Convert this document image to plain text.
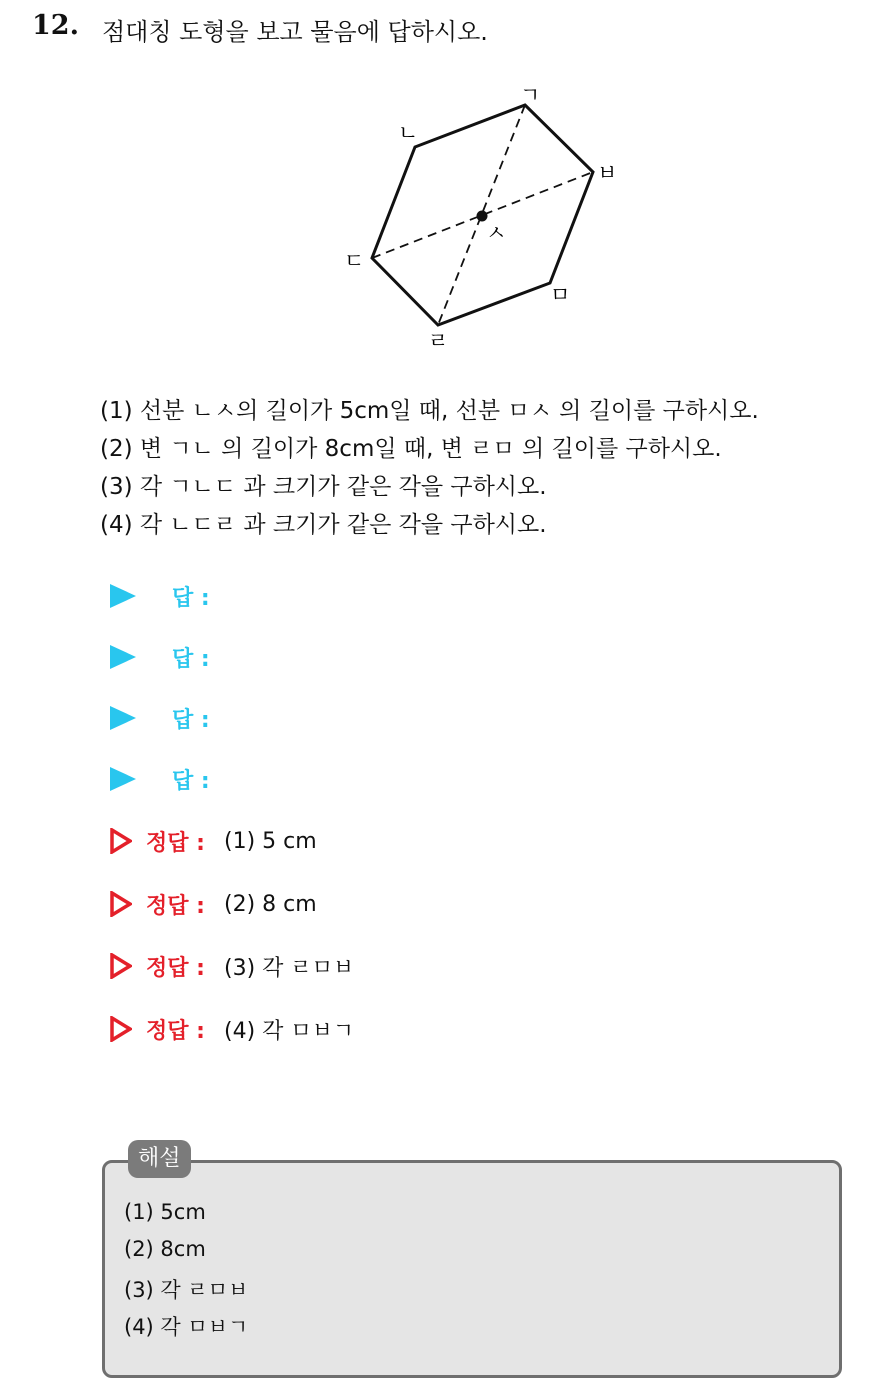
12. 점대칭 도형을 보고 물음에 답하시오.
ㄱ
ㄴ
ㄷ
ㄹ
ㅁ
ㅂ
ㅅ
(1) 선분 ㄴㅅ의 길이가 5cm일 때, 선분 ㅁㅅ 의 길이를 구하시오.
(2) 변 ㄱㄴ 의 길이가 8cm일 때, 변 ㄹㅁ 의 길이를 구하시오.
(3) 각 ㄱㄴㄷ 과 크기가 같은 각을 구하시오.
(4) 각 ㄴㄷㄹ 과 크기가 같은 각을 구하시오.
답 :
답 :
답 :
답 :
정답 : (1) 5 cm
정답 : (2) 8 cm
정답 : (3) 각 ㄹㅁㅂ
정답 : (4) 각 ㅁㅂㄱ
해설
(1) 5cm
(2) 8cm
(3) 각 ㄹㅁㅂ
(4) 각 ㅁㅂㄱ
